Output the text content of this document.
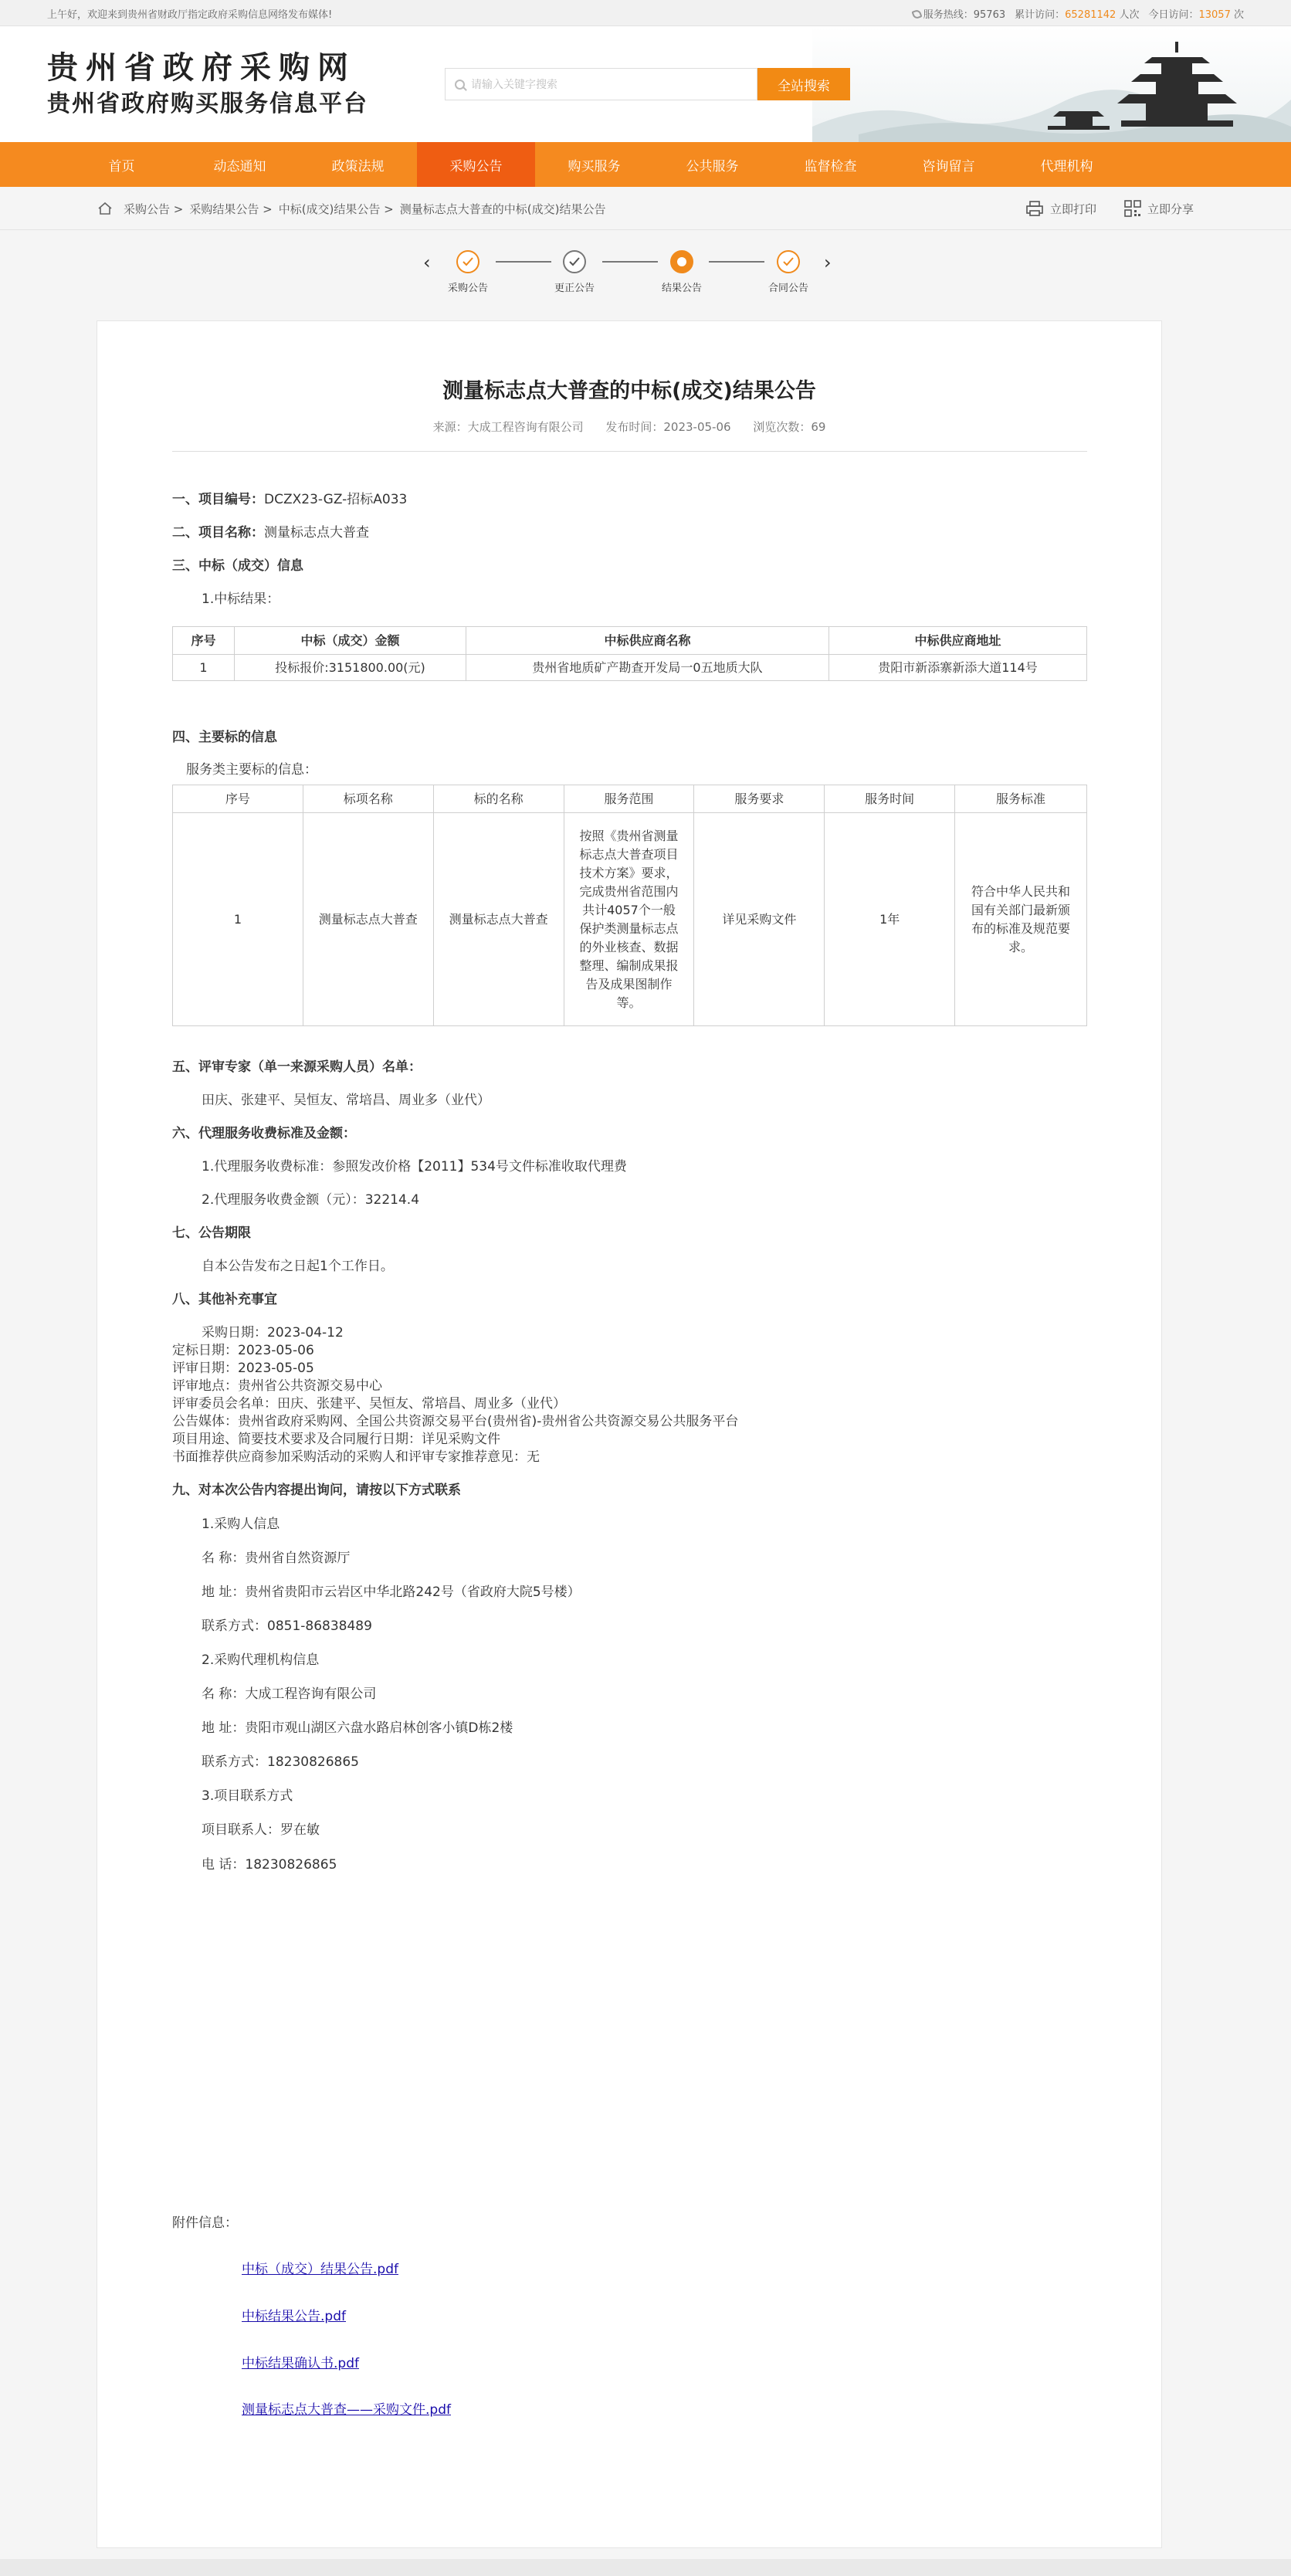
上午好，欢迎来到贵州省财政厅指定政府采购信息网络发布媒体!	服务热线：95763 累计访问：65281142 人次 今日访问：13057 次
贵州省政府采购网
贵州省政府购买服务信息平台
请输入关键字搜索	全站搜索
首页	动态通知	政策法规	采购公告	购买服务	公共服务	监督检查	咨询留言	代理机构
采购公告 > 采购结果公告 > 中标(成交)结果公告 > 测量标志点大普查的中标(成交)结果公告	立即打印	立即分享
‹
采购公告	更正公告	结果公告	合同公告
›
测量标志点大普查的中标(成交)结果公告
来源：大成工程咨询有限公司 发布时间：2023-05-06 浏览次数：69

一、项目编号：DCZX23-GZ-招标A033

二、项目名称：测量标志点大普查

三、中标（成交）信息

1.中标结果：

序号	中标（成交）金额	中标供应商名称	中标供应商地址
1	投标报价:3151800.00(元)	贵州省地质矿产勘查开发局一0五地质大队	贵阳市新添寨新添大道114号

四、主要标的信息

服务类主要标的信息：

序号	标项名称	标的名称	服务范围	服务要求	服务时间	服务标准
1	测量标志点大普查	测量标志点大普查	按照《贵州省测量标志点大普查项目技术方案》要求，完成贵州省范围内共计4057个一般保护类测量标志点的外业核查、数据整理、编制成果报告及成果图制作等。	详见采购文件	1年	符合中华人民共和国有关部门最新颁布的标准及规范要求。

五、评审专家（单一来源采购人员）名单：

田庆、张建平、吴恒友、常培昌、周业多（业代）

六、代理服务收费标准及金额：

1.代理服务收费标准：参照发改价格【2011】534号文件标准收取代理费

2.代理服务收费金额（元）：32214.4

七、公告期限

自本公告发布之日起1个工作日。

八、其他补充事宜

采购日期：2023-04-12

定标日期：2023-05-06

评审日期：2023-05-05

评审地点：贵州省公共资源交易中心

评审委员会名单：田庆、张建平、吴恒友、常培昌、周业多（业代）

公告媒体：贵州省政府采购网、全国公共资源交易平台(贵州省)-贵州省公共资源交易公共服务平台

项目用途、简要技术要求及合同履行日期：详见采购文件

书面推荐供应商参加采购活动的采购人和评审专家推荐意见：无

九、对本次公告内容提出询问，请按以下方式联系

1.采购人信息

名 称：贵州省自然资源厅

地 址：贵州省贵阳市云岩区中华北路242号（省政府大院5号楼）

联系方式：0851-86838489

2.采购代理机构信息

名 称：大成工程咨询有限公司

地 址：贵阳市观山湖区六盘水路启林创客小镇D栋2楼

联系方式：18230826865

3.项目联系方式

项目联系人：罗在敏

电 话：18230826865

附件信息：

中标（成交）结果公告.pdf
中标结果公告.pdf
中标结果确认书.pdf
测量标志点大普查——采购文件.pdf
